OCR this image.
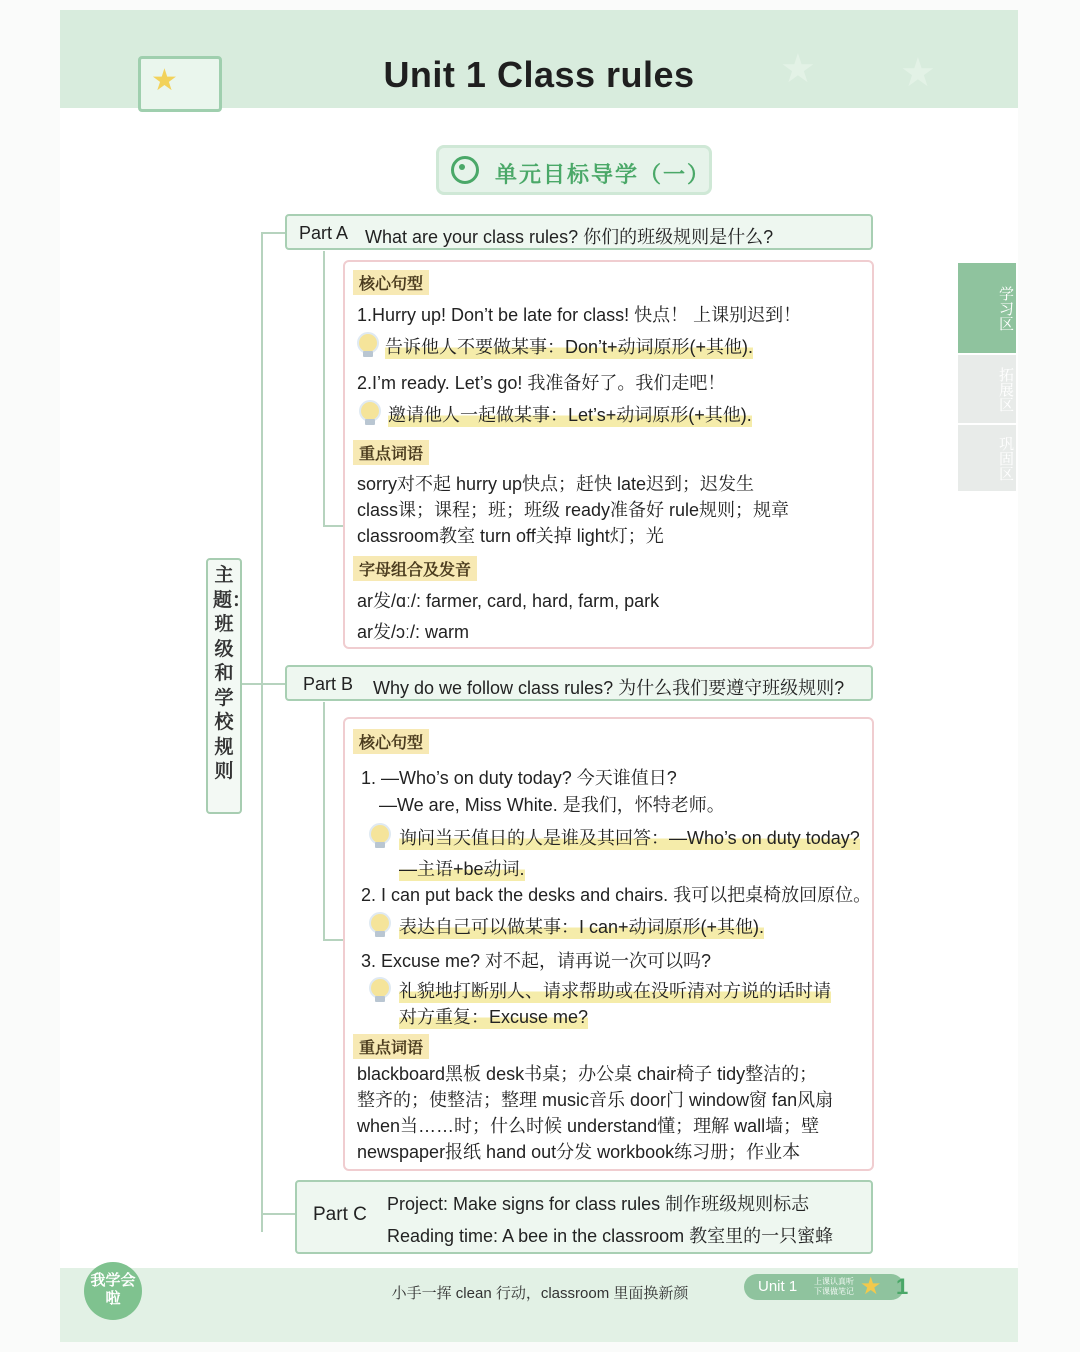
★	★ ★
Unit 1 Class rules
单元目标导学（一）
主题：班级和学校规则
Part A What are your class rules? 你们的班级规则是什么?
核心句型
1.Hurry up! Don’t be late for class! 快点！ 上课别迟到！
告诉他人不要做某事：Don’t+动词原形(+其他).
2.I’m ready. Let’s go! 我准备好了。我们走吧！
邀请他人一起做某事：Let’s+动词原形(+其他).
重点词语
sorry对不起 hurry up快点；赶快 late迟到；迟发生
class课；课程；班；班级 ready准备好 rule规则；规章
classroom教室 turn off关掉 light灯；光
字母组合及发音
ar发/ɑː/: farmer, card, hard, farm, park
ar发/ɔː/: warm
Part B Why do we follow class rules? 为什么我们要遵守班级规则?
核心句型
1. —Who’s on duty today? 今天谁值日?
—We are, Miss White. 是我们，怀特老师。
询问当天值日的人是谁及其回答：—Who’s on duty today?
—主语+be动词.
2. I can put back the desks and chairs. 我可以把桌椅放回原位。
表达自己可以做某事：I can+动词原形(+其他).
3. Excuse me? 对不起，请再说一次可以吗?
礼貌地打断别人、请求帮助或在没听清对方说的话时请
对方重复：Excuse me?
重点词语
blackboard黑板 desk书桌；办公桌 chair椅子 tidy整洁的；
整齐的；使整洁；整理 music音乐 door门 window窗 fan风扇
when当……时；什么时候 understand懂；理解 wall墙；壁
newspaper报纸 hand out分发 workbook练习册；作业本
Part C Project: Make signs for class rules 制作班级规则标志
Reading time: A bee in the classroom 教室里的一只蜜蜂
学习区
拓展区
巩固区
我学会啦	小手一挥 clean 行动，classroom 里面换新颜	Unit 1 上课认真听 下课做笔记 ★ 1
